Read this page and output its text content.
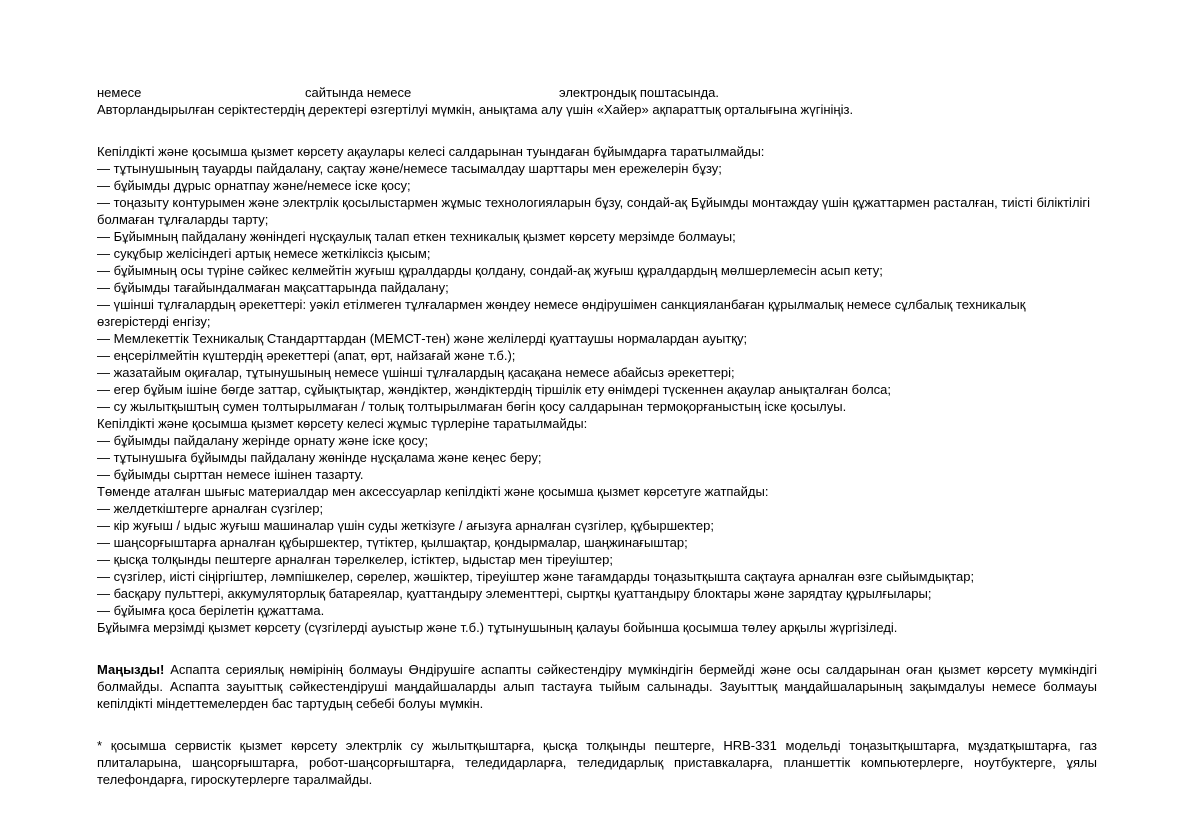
немесе	сайтында немесе	электрондық поштасында.

Авторландырылған серіктестердің деректері өзгертілуі мүмкін, анықтама алу үшін «Хайер» ақпараттық орталығына жүгініңіз.

Кепілдікті және қосымша қызмет көрсету ақаулары келесі салдарынан туындаған бұйымдарға таратылмайды:

— тұтынушының тауарды пайдалану, сақтау және/немесе тасымалдау шарттары мен ережелерін бұзу;

— бұйымды дұрыс орнатпау және/немесе іске қосу;

— тоңазыту контурымен және электрлік қосылыстармен жұмыс технологияларын бұзу, сондай-ақ Бұйымды монтаждау үшін құжаттармен расталған, тиісті біліктілігі болмаған тұлғаларды тарту;

— Бұйымның пайдалану жөніндегі нұсқаулық талап еткен техникалық қызмет көрсету мерзімде болмауы;

— сукұбыр желісіндегі артық немесе жеткіліксіз қысым;

— бұйымның осы түріне сәйкес келмейтін жуғыш құралдарды қолдану, сондай-ақ жуғыш құралдардың мөлшерлемесін асып кету;

— бұйымды тағайындалмаған мақсаттарында пайдалану;

— үшінші тұлғалардың әрекеттері: уәкіл етілмеген тұлғалармен жөндеу немесе өндірушімен санкцияланбаған құрылмалық немесе сұлбалық техникалық өзгерістерді енгізу;

— Мемлекеттік Техникалық Стандарттардан (МЕМСТ-тен) және желілерді қуаттаушы нормалардан ауытқу;

— еңсерілмейтін күштердің әрекеттері (апат, өрт, найзағай және т.б.);

— жазатайым оқиғалар, тұтынушының немесе үшінші тұлғалардың қасақана немесе абайсыз әрекеттері;

— егер бұйым ішіне бөгде заттар, сұйықтықтар, жәндіктер, жәндіктердің тіршілік ету өнімдері түскеннен ақаулар анықталған болса;

— су жылытқыштың сумен толтырылмаған / толық толтырылмаған бөгін қосу салдарынан термоқорғаныстың іске қосылуы.

Кепілдікті және қосымша қызмет көрсету келесі жұмыс түрлеріне таратылмайды:

— бұйымды пайдалану жерінде орнату және іске қосу;

— тұтынушыға бұйымды пайдалану жөнінде нұсқалама және кеңес беру;

— бұйымды сырттан немесе ішінен тазарту.

Төменде аталған шығыс материалдар мен аксессуарлар кепілдікті және қосымша қызмет көрсетуге жатпайды:

— желдеткіштерге арналған сүзгілер;

— кір жуғыш / ыдыс жуғыш машиналар үшін суды жеткізуге / ағызуға арналған сүзгілер, құбыршектер;

— шаңсорғыштарға арналған құбыршектер, түтіктер, қылшақтар, қондырмалар, шаңжинағыштар;

— қысқа толқынды пештерге арналған тәрелкелер, істіктер, ыдыстар мен тіреуіштер;

— сүзгілер, иісті сіңіргіштер, ләмпішкелер, сөрелер, жәшіктер, тіреуіштер және тағамдарды тоңазытқышта сақтауға арналған өзге сыйымдықтар;

— басқару пульттері, аккумуляторлық батареялар, қуаттандыру элементтері, сыртқы қуаттандыру блоктары және зарядтау құрылғылары;

— бұйымға қоса берілетін құжаттама.

Бұйымға мерзімді қызмет көрсету (сүзгілерді ауыстыр және т.б.) тұтынушының қалауы бойынша қосымша төлеу арқылы жүргізіледі.

Маңызды! Аспапта сериялық нөмірінің болмауы Өндірушіге аспапты сәйкестендіру мүмкіндігін бермейді және осы салдарынан оған қызмет көрсету мүмкіндігі болмайды. Аспапта зауыттық сәйкестендіруші маңдайшаларды алып тастауға тыйым салынады. Зауыттық маңдайшаларының зақымдалуы немесе болмауы кепілдікті міндеттемелерден бас тартудың себебі болуы мүмкін.

* қосымша сервистік қызмет көрсету электрлік су жылытқыштарға, қысқа толқынды пештерге, HRB-331 модельді тоңазытқыштарға, мұздатқыштарға, газ плиталарына, шаңсорғыштарға, робот-шаңсорғыштарға, теледидарларға, теледидарлық приставкаларға, планшеттік компьютерлерге, ноутбуктерге, ұялы телефондарға, гироскутерлерге таралмайды.
